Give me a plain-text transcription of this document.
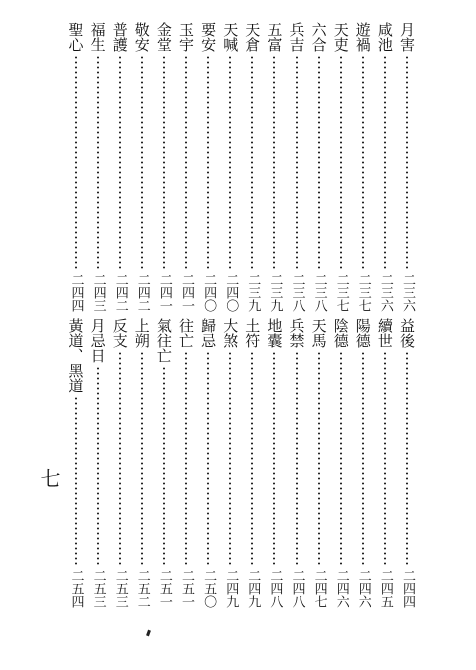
月害
二三六
咸池
二三六
遊禍
二三七
天吏
二三七
六合
二三八
兵吉
二三八
五富
二三九
天倉
二三九
天喊
二四〇
要安
二四〇
玉宇
二四一
金堂
二四一
敬安
二四二
普護
二四二
福生
二四三
聖心
二四四
益後
二四四
續世
二四五
陽德
二四六
陰德
二四六
天馬
二四七
兵禁
二四八
地囊
二四八
土符
二四九
大煞
二四九
歸忌
二五〇
往亡
二五一
氣往亡
二五一
上朔
二五二
反支
二五三
月忌日
二五三
黃道、黑道
二五四
七
